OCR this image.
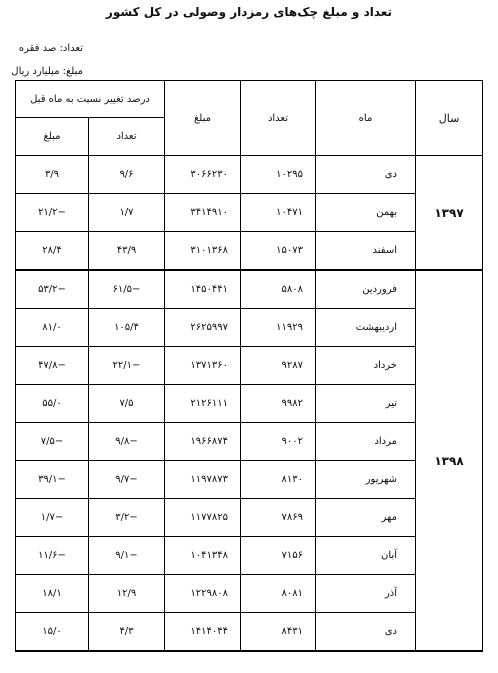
تعداد و مبلغ چک‌های رمزدار وصولی در کل کشور
تعداد: صد فقره
مبلغ: میلیارد ریال
سال	ماه	تعداد	مبلغ	درصد تغییر نسبت به ماه قبل	
				تعداد	مبلغ
۱۳۹۷	دی	۱۰۲۹۵	۳۰۶۶۲۳۰	۹/۶	۳/۹
	بهمن	۱۰۴۷۱	۳۴۱۴۹۱۰	۱/۷	−۲۱/۲
	اسفند	۱۵۰۷۳	۳۱۰۱۳۶۸	۴۳/۹	۲۸/۴
۱۳۹۸	فروردین	۵۸۰۸	۱۴۵۰۴۴۱	−۶۱/۵	−۵۳/۲
	اردیبهشت	۱۱۹۲۹	۲۶۲۵۹۹۷	۱۰۵/۴	۸۱/۰
	خرداد	۹۲۸۷	۱۳۷۱۳۶۰	−۲۲/۱	−۴۷/۸
	تیر	۹۹۸۲	۲۱۲۶۱۱۱	۷/۵	۵۵/۰
	مرداد	۹۰۰۲	۱۹۶۶۸۷۴	−۹/۸	−۷/۵
	شهریور	۸۱۳۰	۱۱۹۷۸۷۳	−۹/۷	−۳۹/۱
	مهر	۷۸۶۹	۱۱۷۷۸۲۵	−۳/۲	−۱/۷
	آبان	۷۱۵۶	۱۰۴۱۳۴۸	−۹/۱	−۱۱/۶
	آذر	۸۰۸۱	۱۲۲۹۸۰۸	۱۲/۹	۱۸/۱
	دی	۸۴۳۱	۱۴۱۴۰۴۴	۴/۳	۱۵/۰
